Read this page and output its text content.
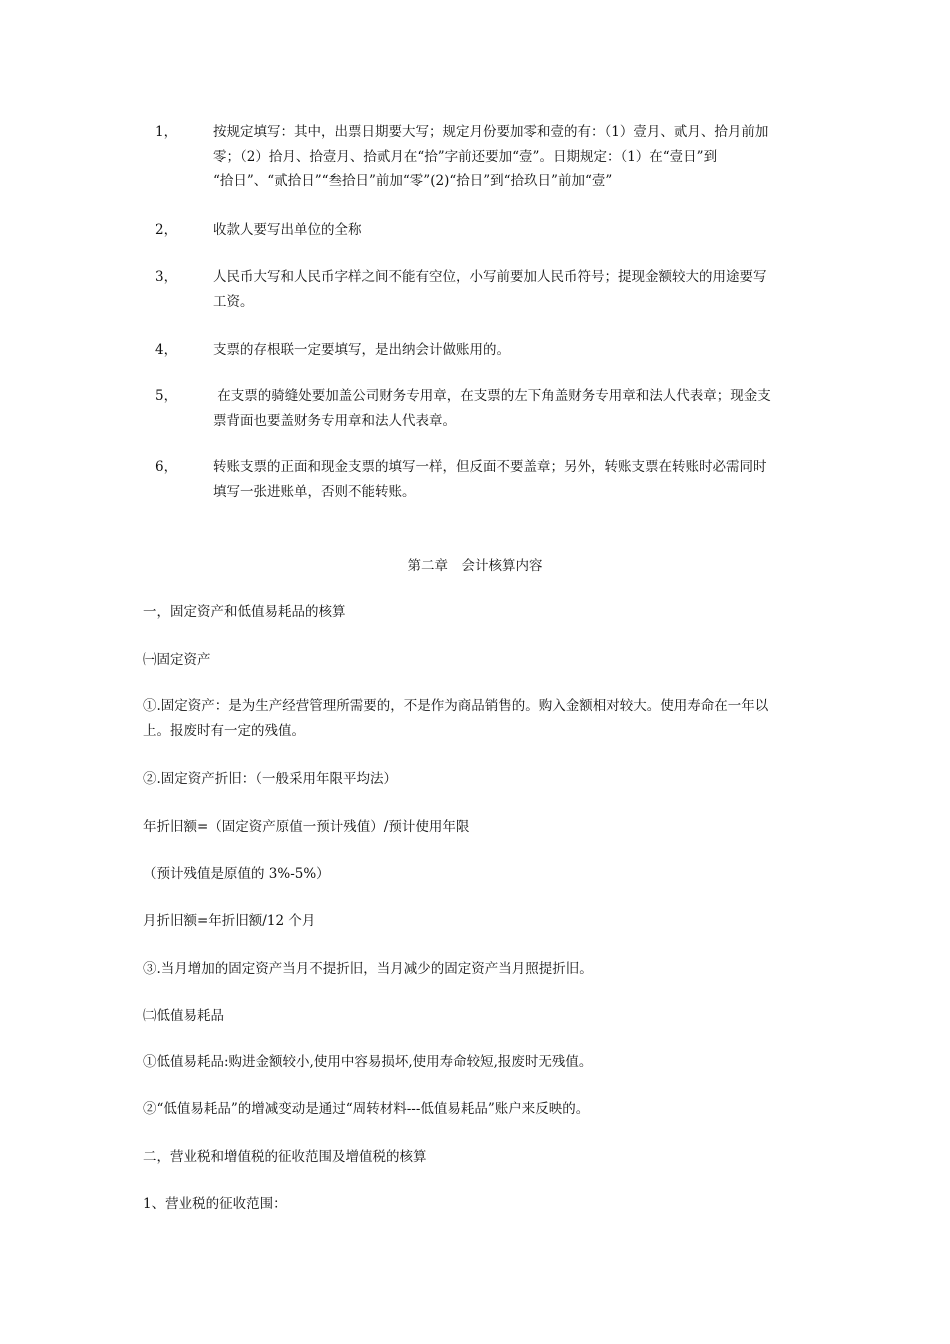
1，	按规定填写：其中，出票日期要大写；规定月份要加零和壹的有：（1）壹月、贰月、拾月前加
零；（2）拾月、拾壹月、拾贰月在“拾”字前还要加“壹”。日期规定：（1）在“壹日”到
“拾日”、“贰拾日”“叁拾日”前加“零”(2)“拾日”到“拾玖日”前加“壹”
2，	收款人要写出单位的全称
3，	人民币大写和人民币字样之间不能有空位，小写前要加人民币符号；提现金额较大的用途要写
工资。
4，	支票的存根联一定要填写，是出纳会计做账用的。
5，	在支票的骑缝处要加盖公司财务专用章，在支票的左下角盖财务专用章和法人代表章；现金支
票背面也要盖财务专用章和法人代表章。
6，	转账支票的正面和现金支票的填写一样，但反面不要盖章；另外，转账支票在转账时必需同时
填写一张进账单，否则不能转账。
第二章　会计核算内容
一，固定资产和低值易耗品的核算
㈠固定资产
①.固定资产：是为生产经营管理所需要的，不是作为商品销售的。购入金额相对较大。使用寿命在一年以
上。报废时有一定的残值。
②.固定资产折旧：（一般采用年限平均法）
年折旧额=（固定资产原值一预计残值）/预计使用年限
（预计残值是原值的 3%-5%）
月折旧额=年折旧额/12 个月
③.当月增加的固定资产当月不提折旧，当月减少的固定资产当月照提折旧。
㈡低值易耗品
①低值易耗品:购进金额较小,使用中容易损坏,使用寿命较短,报废时无残值。
②“低值易耗品”的增减变动是通过“周转材料---低值易耗品”账户来反映的。
二，营业税和增值税的征收范围及增值税的核算
1、营业税的征收范围：
